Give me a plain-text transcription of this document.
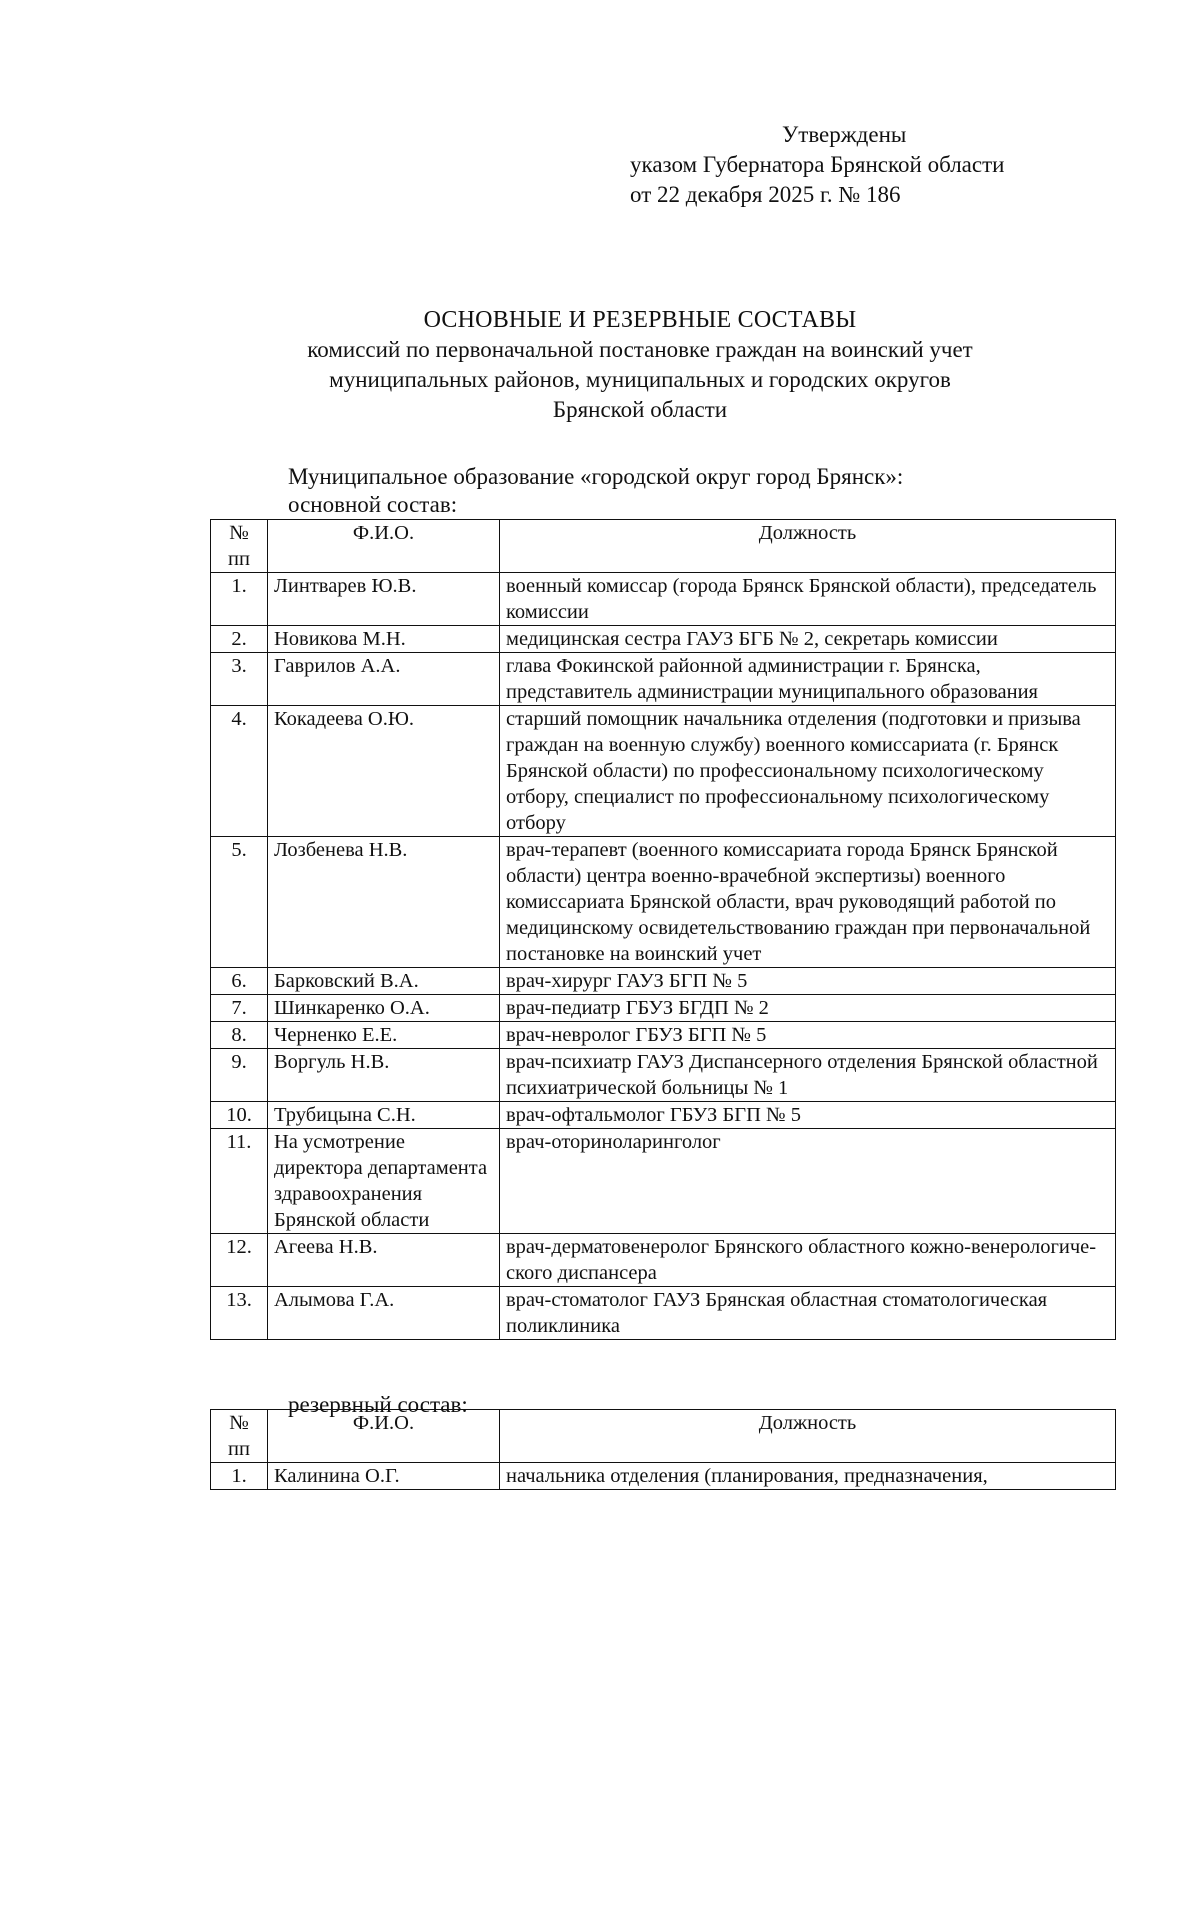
Утверждены
указом Губернатора Брянской области
от 22 декабря 2025 г. № 186
ОСНОВНЫЕ И РЕЗЕРВНЫЕ СОСТАВЫ
комиссий по первоначальной постановке граждан на воинский учет
муниципальных районов, муниципальных и городских округов
Брянской области
Муниципальное образование «городской округ город Брянск»:
основной состав:
№ пп	Ф.И.О.	Должность
1.	Линтварев Ю.В.	военный комиссар (города Брянск Брянской области), председатель комиссии
2.	Новикова М.Н.	медицинская сестра ГАУЗ БГБ № 2, секретарь комиссии
3.	Гаврилов А.А.	глава Фокинской районной администрации г. Брянска, представитель администрации муниципального образования
4.	Кокадеева О.Ю.	старший помощник начальника отделения (подготовки и призыва граждан на военную службу) военного комиссариата (г. Брянск Брянской области) по профессиональному психологическому отбору, специалист по профессиональному психологическому отбору
5.	Лозбенева Н.В.	врач-терапевт (военного комиссариата города Брянск Брянской области) центра военно-врачебной экспертизы) военного комиссариата Брянской области, врач руководящий работой по медицинскому освидетельствованию граждан при первоначальной постановке на воинский учет
6.	Барковский В.А.	врач-хирург ГАУЗ БГП № 5
7.	Шинкаренко О.А.	врач-педиатр ГБУЗ БГДП № 2
8.	Черненко Е.Е.	врач-невролог ГБУЗ БГП № 5
9.	Воргуль Н.В.	врач-психиатр ГАУЗ Диспансерного отделения Брянской областной психиатрической больницы № 1
10.	Трубицына С.Н.	врач-офтальмолог ГБУЗ БГП № 5
11.	На усмотрение директора департамента здравоохранения Брянской области	врач-оториноларинголог
12.	Агеева Н.В.	врач-дерматовенеролог Брянского областного кожно-венерологиче-ского диспансера
13.	Алымова Г.А.	врач-стоматолог ГАУЗ Брянская областная стоматологическая поликлиника
резервный состав:
№ пп	Ф.И.О.	Должность
1.	Калинина О.Г.	начальника отделения (планирования, предназначения,
